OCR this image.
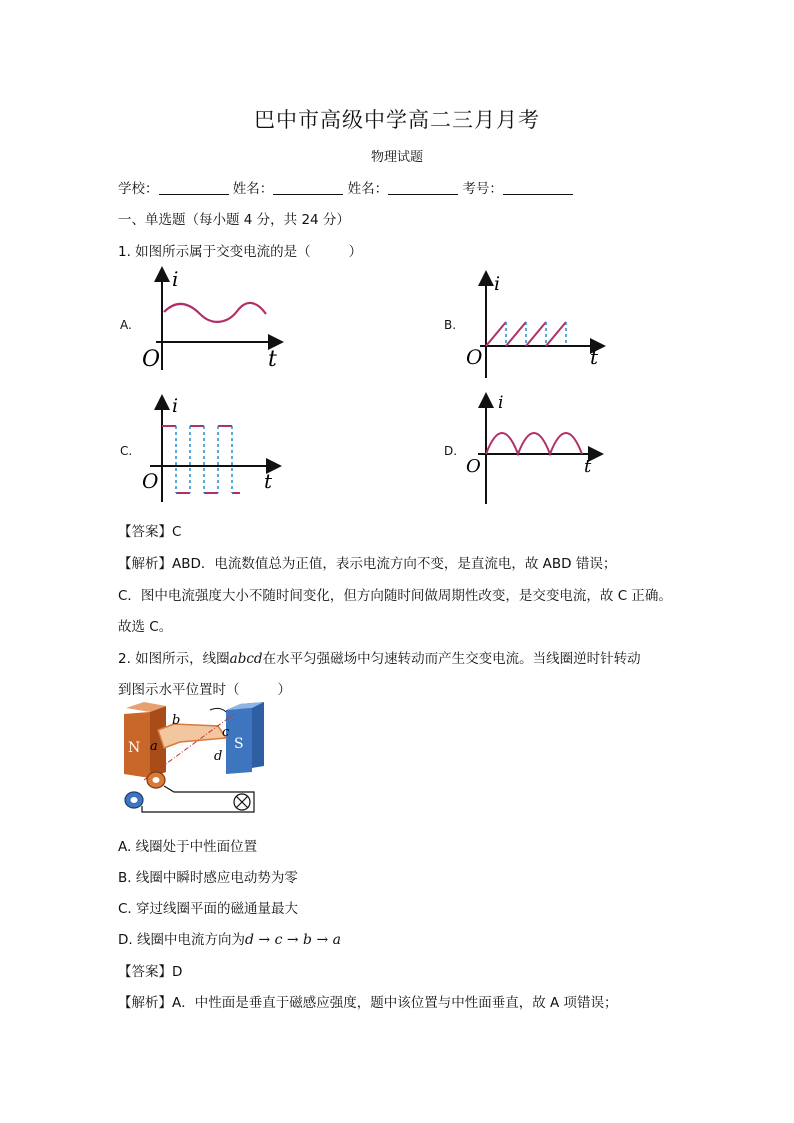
巴中市高级中学高二三月月考
物理试题
学校：	姓名：	姓名：	考号：
一、单选题（每小题 4 分，共 24 分）
1. 如图所示属于交变电流的是（	）
A.	B.
C.	D.
i
O	t
i
O	t
i
O	t
i
O	t
【答案】C
【解析】ABD．电流数值总为正值，表示电流方向不变，是直流电，故 ABD 错误；
C．图中电流强度大小不随时间变化，但方向随时间做周期性改变，是交变电流，故 C 正确。
故选 C。
2. 如图所示，线圈abcd在水平匀强磁场中匀速转动而产生交变电流。当线圈逆时针转动
到图示水平位置时（	）
N	S
b
a
c
d
A. 线圈处于中性面位置
B. 线圈中瞬时感应电动势为零
C. 穿过线圈平面的磁通量最大
D. 线圈中电流方向为d → c → b → a
【答案】D
【解析】A．中性面是垂直于磁感应强度，题中该位置与中性面垂直，故 A 项错误；
